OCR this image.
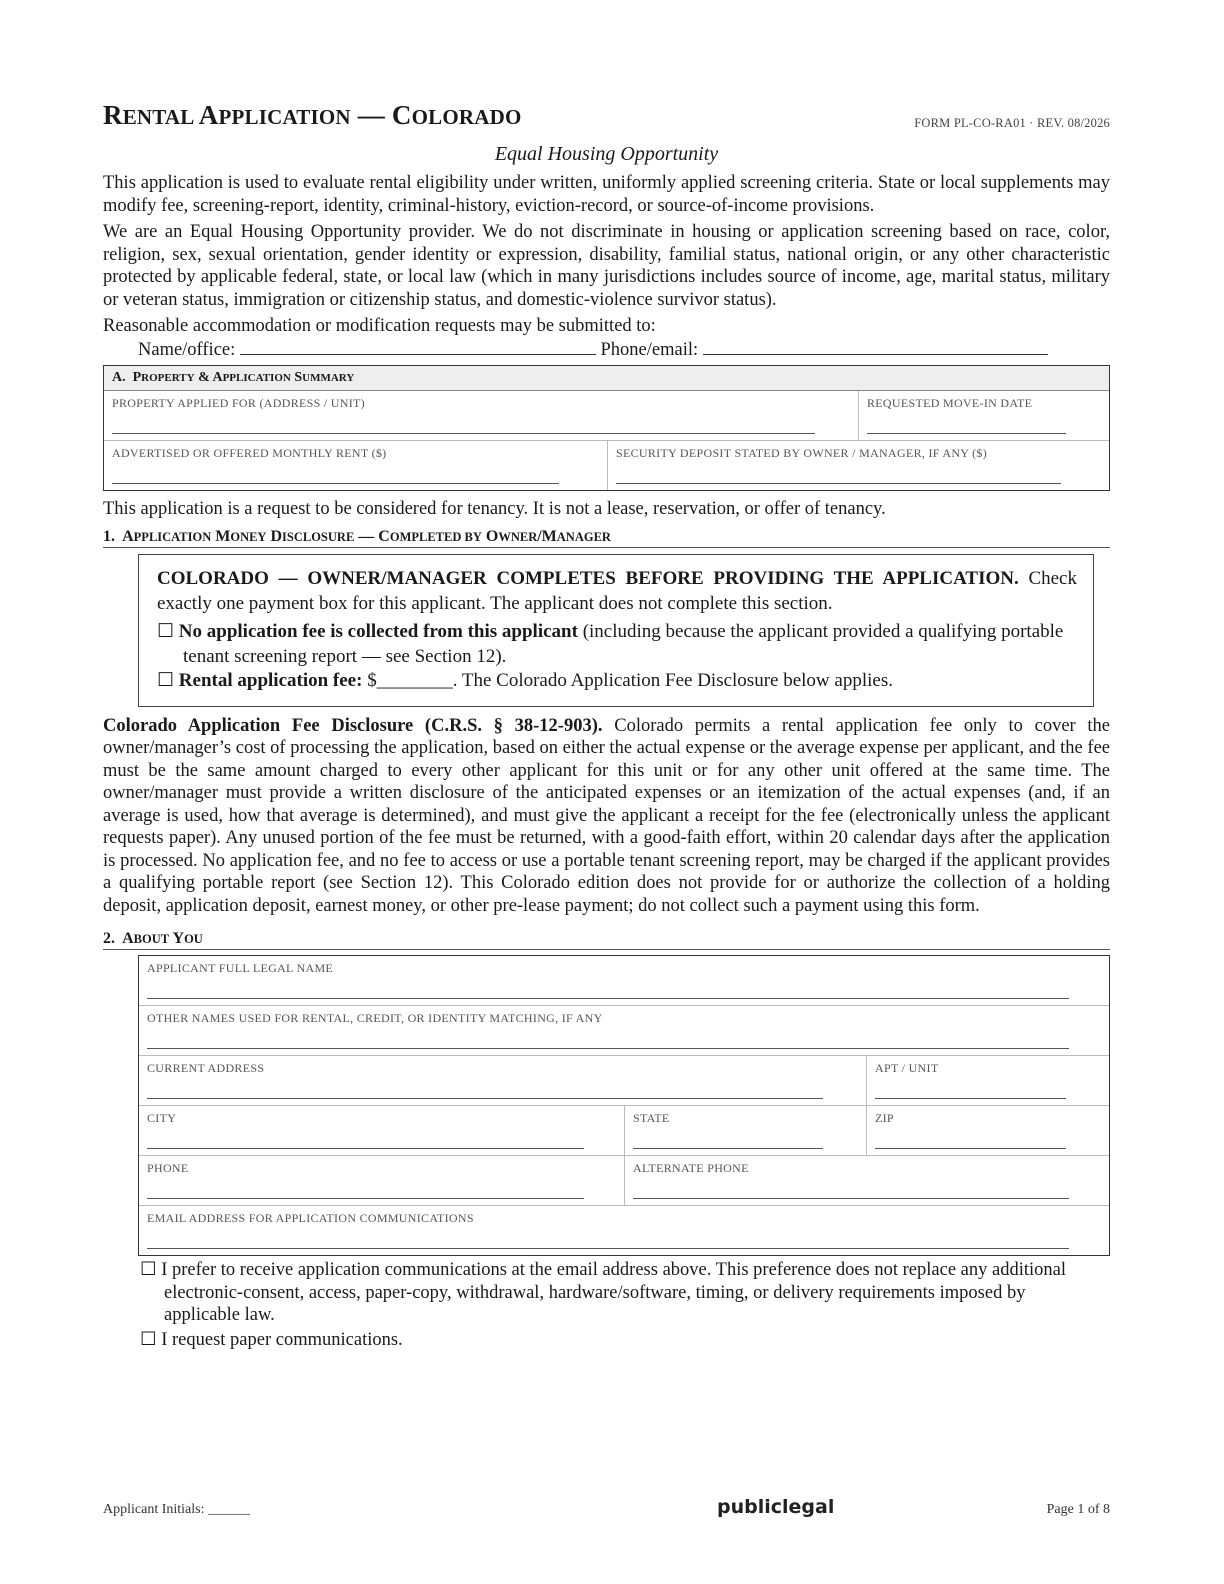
RENTAL APPLICATION — COLORADO	FORM PL-CO-RA01 · REV. 08/2026
Equal Housing Opportunity

This application is used to evaluate rental eligibility under written, uniformly applied screening criteria. State or local supplements may modify fee, screening-report, identity, criminal-history, eviction-record, or source-of-income provisions.

We are an Equal Housing Opportunity provider. We do not discriminate in housing or application screening based on race, color, religion, sex, sexual orientation, gender identity or expression, disability, familial status, national origin, or any other characteristic protected by applicable federal, state, or local law (which in many jurisdictions includes source of income, age, marital status, military or veteran status, immigration or citizenship status, and domestic-violence survivor status).

Reasonable accommodation or modification requests may be submitted to:

Name/office:	Phone/email:
A.  PROPERTY & APPLICATION SUMMARY
PROPERTY APPLIED FOR (ADDRESS / UNIT)	REQUESTED MOVE-IN DATE
ADVERTISED OR OFFERED MONTHLY RENT ($)	SECURITY DEPOSIT STATED BY OWNER / MANAGER, IF ANY ($)

This application is a request to be considered for tenancy. It is not a lease, reservation, or offer of tenancy.

1.  APPLICATION MONEY DISCLOSURE — COMPLETED BY OWNER/MANAGER

COLORADO — OWNER/MANAGER COMPLETES BEFORE PROVIDING THE APPLICATION. Check exactly one payment box for this applicant. The applicant does not complete this section.

☐ No application fee is collected from this applicant (including because the applicant provided a qualifying portable tenant screening report — see Section 12).
☐ Rental application fee: $________. The Colorado Application Fee Disclosure below applies.

Colorado Application Fee Disclosure (C.R.S. § 38-12-903). Colorado permits a rental application fee only to cover the owner/manager’s cost of processing the application, based on either the actual expense or the average expense per applicant, and the fee must be the same amount charged to every other applicant for this unit or for any other unit offered at the same time. The owner/manager must provide a written disclosure of the anticipated expenses or an itemization of the actual expenses (and, if an average is used, how that average is determined), and must give the applicant a receipt for the fee (electronically unless the applicant requests paper). Any unused portion of the fee must be returned, with a good-faith effort, within 20 calendar days after the application is processed. No application fee, and no fee to access or use a portable tenant screening report, may be charged if the applicant provides a qualifying portable report (see Section 12). This Colorado edition does not provide for or authorize the collection of a holding deposit, application deposit, earnest money, or other pre-lease payment; do not collect such a payment using this form.

2.  ABOUT YOU
APPLICANT FULL LEGAL NAME
OTHER NAMES USED FOR RENTAL, CREDIT, OR IDENTITY MATCHING, IF ANY
CURRENT ADDRESS	APT / UNIT
CITY	STATE	ZIP
PHONE	ALTERNATE PHONE
EMAIL ADDRESS FOR APPLICATION COMMUNICATIONS
☐ I prefer to receive application communications at the email address above. This preference does not replace any additional electronic-consent, access, paper-copy, withdrawal, hardware/software, timing, or delivery requirements imposed by applicable law.
☐ I request paper communications.
Applicant Initials: ______	publiclegal	Page 1 of 8
